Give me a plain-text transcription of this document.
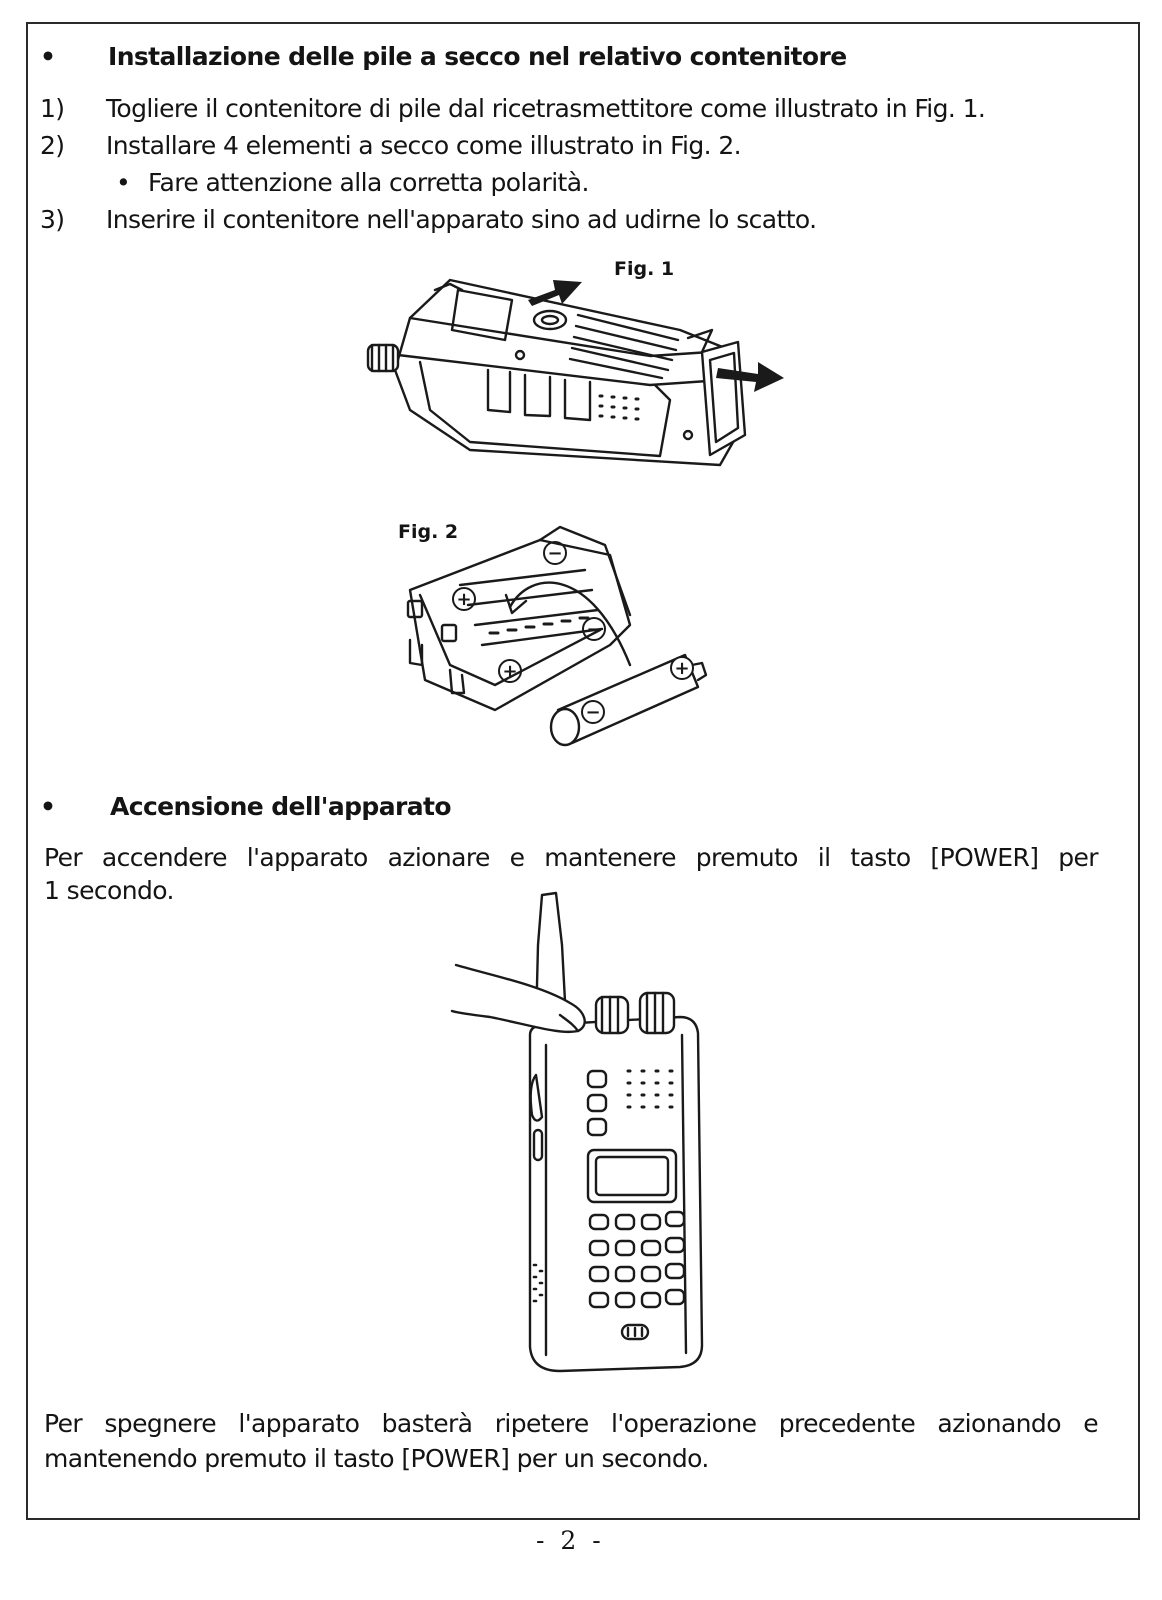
• Installazione delle pile a secco nel relativo contenitore
1) Togliere il contenitore di pile dal ricetrasmettitore come illustrato in Fig. 1.
2) Installare 4 elementi a secco come illustrato in Fig. 2.
• Fare attenzione alla corretta polarità.
3) Inserire il contenitore nell'apparato sino ad udirne lo scatto.
Fig. 1
Fig. 2
+
−
−
+	+
−
• Accensione dell'apparato
Per accendere l'apparato azionare e mantenere premuto il tasto [POWER] per
1 secondo.
Per spegnere l'apparato basterà ripetere l'operazione precedente azionando e
mantenendo premuto il tasto [POWER] per un secondo.
- 2 -
